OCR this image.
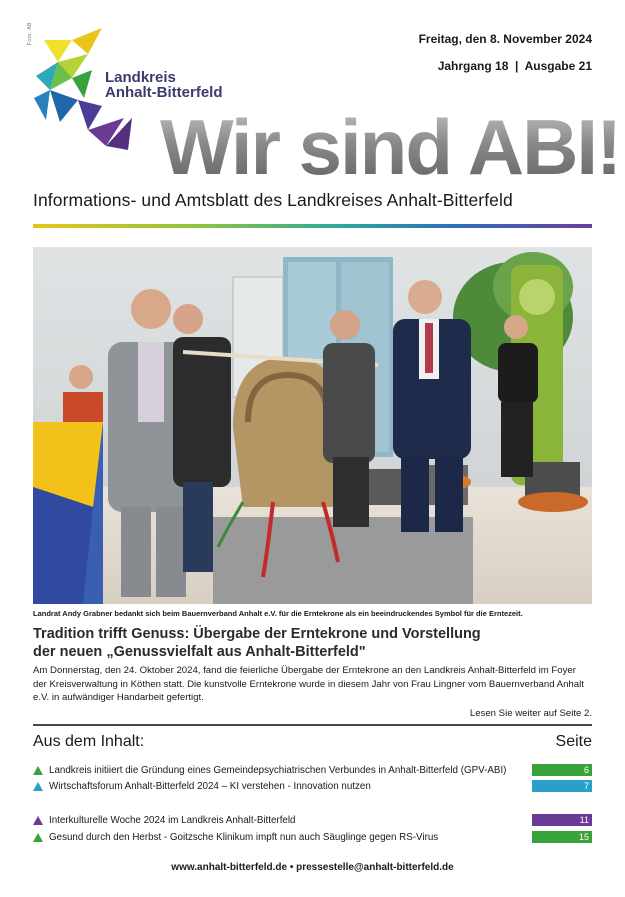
Foto: AB
Landkreis
Anhalt-Bitterfeld
Freitag, den 8. November 2024
Jahrgang 18  |  Ausgabe 21
Wir sind ABI!
Informations- und Amtsblatt des Landkreises Anhalt-Bitterfeld
Landrat Andy Grabner bedankt sich beim Bauernverband Anhalt e.V. für die Erntekrone als ein beeindruckendes Symbol für die Erntezeit.
Tradition trifft Genuss: Übergabe der Erntekrone und Vorstellung
der neuen „Genussvielfalt aus Anhalt-Bitterfeld"
Am Donnerstag, den 24. Oktober 2024, fand die feierliche Übergabe der Erntekrone an den Landkreis Anhalt-Bitterfeld im Foyer der Kreisverwaltung in Köthen statt. Die kunstvolle Erntekrone wurde in diesem Jahr von Frau Lingner vom Bauernverband Anhalt e.V. in aufwändiger Handarbeit gefertigt.
Lesen Sie weiter auf Seite 2.
Aus dem Inhalt:	Seite
Landkreis initiiert die Gründung eines Gemeindepsychiatrischen Verbundes in Anhalt-Bitterfeld (GPV-ABI)	6
Wirtschaftsforum Anhalt-Bitterfeld 2024 – KI verstehen - Innovation nutzen	7
Interkulturelle Woche 2024 im Landkreis Anhalt-Bitterfeld	11
Gesund durch den Herbst - Goitzsche Klinikum impft nun auch Säuglinge gegen RS-Virus	15
www.anhalt-bitterfeld.de • pressestelle@anhalt-bitterfeld.de
